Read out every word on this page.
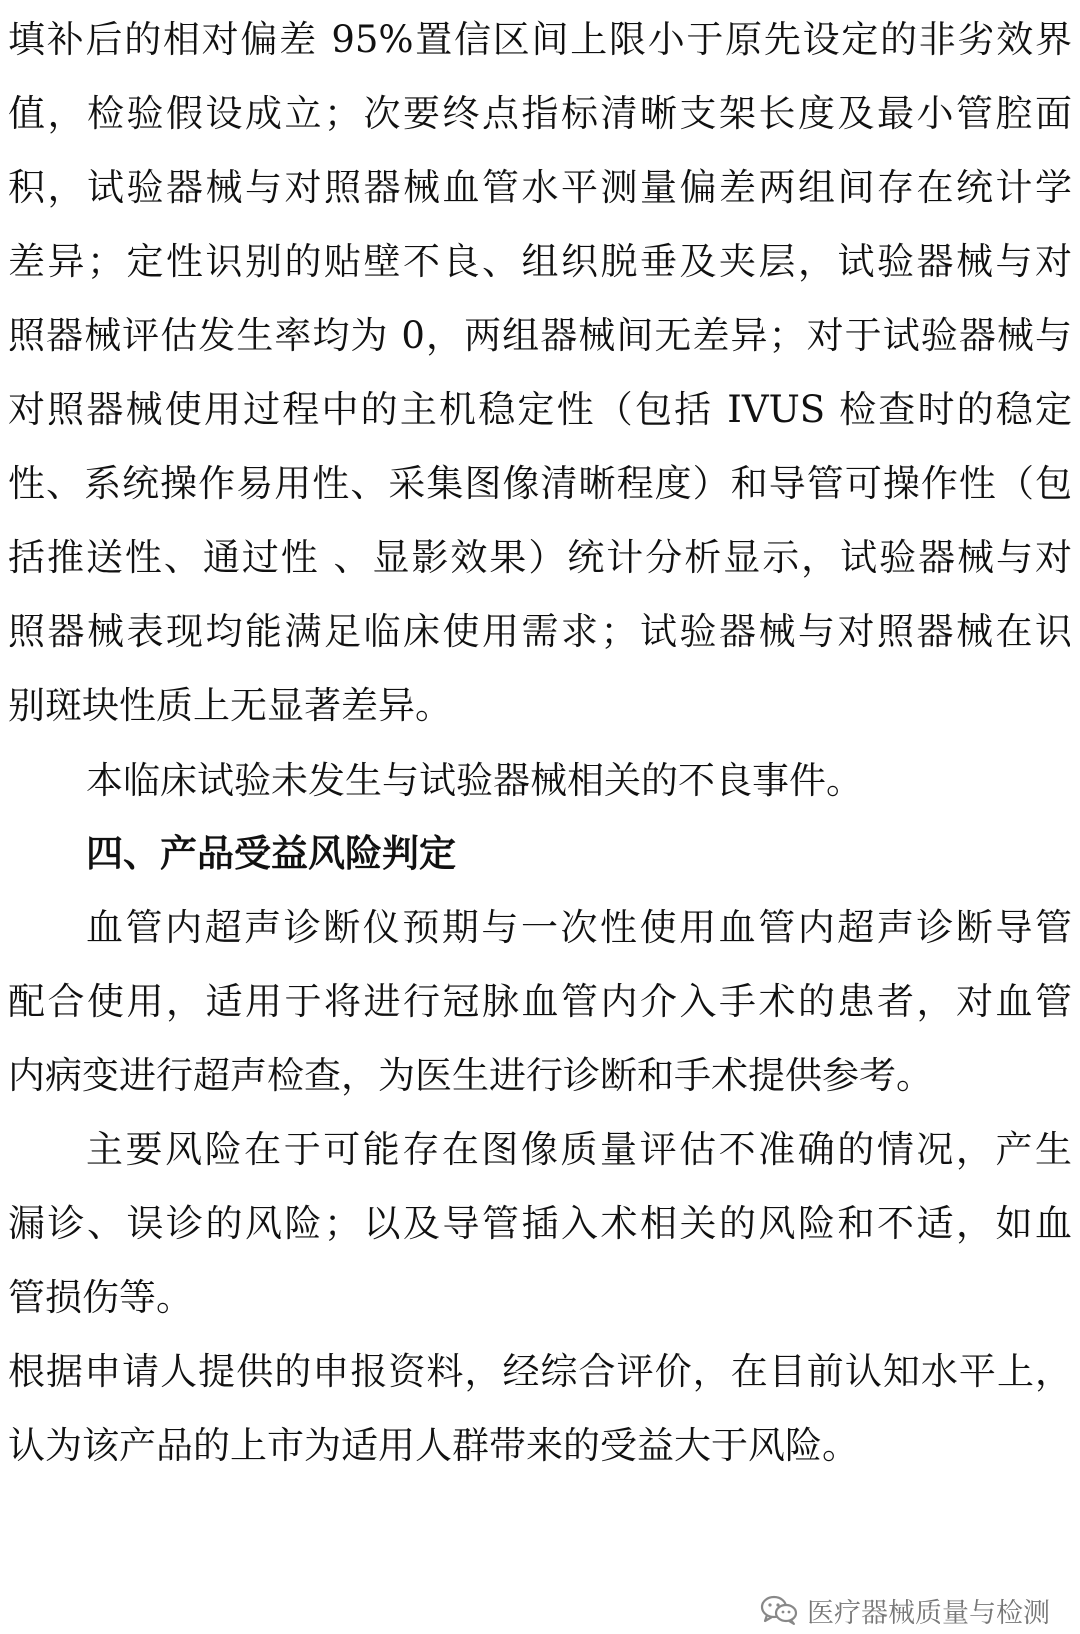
填补后的相对偏差 95%置信区间上限小于原先设定的非劣效界
值，检验假设成立；次要终点指标清晰支架长度及最小管腔面
积，试验器械与对照器械血管水平测量偏差两组间存在统计学
差异；定性识别的贴壁不良、组织脱垂及夹层，试验器械与对
照器械评估发生率均为 0，两组器械间无差异；对于试验器械与
对照器械使用过程中的主机稳定性（包括 IVUS 检查时的稳定
性、系统操作易用性、采集图像清晰程度）和导管可操作性（包
括推送性、通过性 、显影效果）统计分析显示，试验器械与对
照器械表现均能满足临床使用需求；试验器械与对照器械在识
别斑块性质上无显著差异。
本临床试验未发生与试验器械相关的不良事件。
四、产品受益风险判定
血管内超声诊断仪预期与一次性使用血管内超声诊断导管
配合使用，适用于将进行冠脉血管内介入手术的患者，对血管
内病变进行超声检查，为医生进行诊断和手术提供参考。
主要风险在于可能存在图像质量评估不准确的情况，产生
漏诊、误诊的风险；以及导管插入术相关的风险和不适，如血
管损伤等。
根据申请人提供的申报资料，经综合评价，在目前认知水平上，
认为该产品的上市为适用人群带来的受益大于风险。
医疗器械质量与检测
